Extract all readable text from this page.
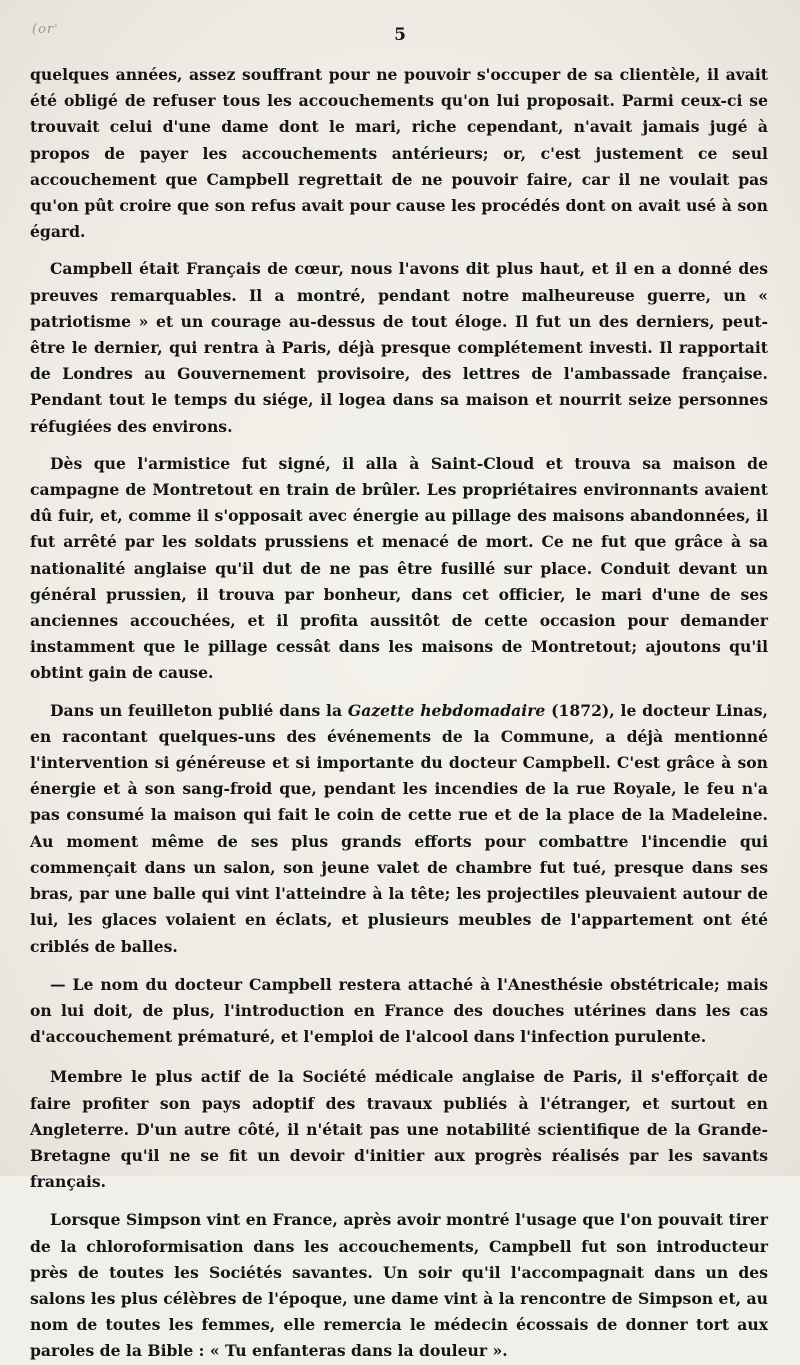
(or'	5

quelques années, assez souffrant pour ne pouvoir s'occuper de sa clientèle, il avait été obligé de refuser tous les accouchements qu'on lui proposait. Parmi ceux-ci se trouvait celui d'une dame dont le mari, riche cependant, n'avait jamais jugé à propos de payer les accouchements antérieurs; or, c'est justement ce seul accouchement que Campbell regrettait de ne pouvoir faire, car il ne voulait pas qu'on pût croire que son refus avait pour cause les procédés dont on avait usé à son égard.

Campbell était Français de cœur, nous l'avons dit plus haut, et il en a donné des preuves remarquables. Il a montré, pendant notre malheureuse guerre, un « patriotisme » et un courage au-dessus de tout éloge. Il fut un des derniers, peut-être le dernier, qui rentra à Paris, déjà presque complétement investi. Il rapportait de Londres au Gouvernement provisoire, des lettres de l'ambassade française. Pendant tout le temps du siége, il logea dans sa maison et nourrit seize personnes réfugiées des environs.

Dès que l'armistice fut signé, il alla à Saint-Cloud et trouva sa maison de campagne de Montretout en train de brûler. Les propriétaires environnants avaient dû fuir, et, comme il s'opposait avec énergie au pillage des maisons abandonnées, il fut arrêté par les soldats prussiens et menacé de mort. Ce ne fut que grâce à sa nationalité anglaise qu'il dut de ne pas être fusillé sur place. Conduit devant un général prussien, il trouva par bonheur, dans cet officier, le mari d'une de ses anciennes accouchées, et il profita aussitôt de cette occasion pour demander instamment que le pillage cessât dans les maisons de Montretout; ajoutons qu'il obtint gain de cause.

Dans un feuilleton publié dans la Gazette hebdomadaire (1872), le docteur Linas, en racontant quelques-uns des événements de la Commune, a déjà mentionné l'intervention si généreuse et si importante du docteur Campbell. C'est grâce à son énergie et à son sang-froid que, pendant les incendies de la rue Royale, le feu n'a pas consumé la maison qui fait le coin de cette rue et de la place de la Madeleine. Au moment même de ses plus grands efforts pour combattre l'incendie qui commençait dans un salon, son jeune valet de chambre fut tué, presque dans ses bras, par une balle qui vint l'atteindre à la tête; les projectiles pleuvaient autour de lui, les glaces volaient en éclats, et plusieurs meubles de l'appartement ont été criblés de balles.

— Le nom du docteur Campbell restera attaché à l'Anesthésie obstétricale; mais on lui doit, de plus, l'introduction en France des douches utérines dans les cas d'accouchement prématuré, et l'emploi de l'alcool dans l'infection purulente.

Membre le plus actif de la Société médicale anglaise de Paris, il s'efforçait de faire profiter son pays adoptif des travaux publiés à l'étranger, et surtout en Angleterre. D'un autre côté, il n'était pas une notabilité scientifique de la Grande-Bretagne qu'il ne se fit un devoir d'initier aux progrès réalisés par les savants français.

Lorsque Simpson vint en France, après avoir montré l'usage que l'on pouvait tirer de la chloroformisation dans les accouchements, Campbell fut son introducteur près de toutes les Sociétés savantes. Un soir qu'il l'accompagnait dans un des salons les plus célèbres de l'époque, une dame vint à la rencontre de Simpson et, au nom de toutes les femmes, elle remercia le médecin écossais de donner tort aux paroles de la Bible : « Tu enfanteras dans la douleur ».
